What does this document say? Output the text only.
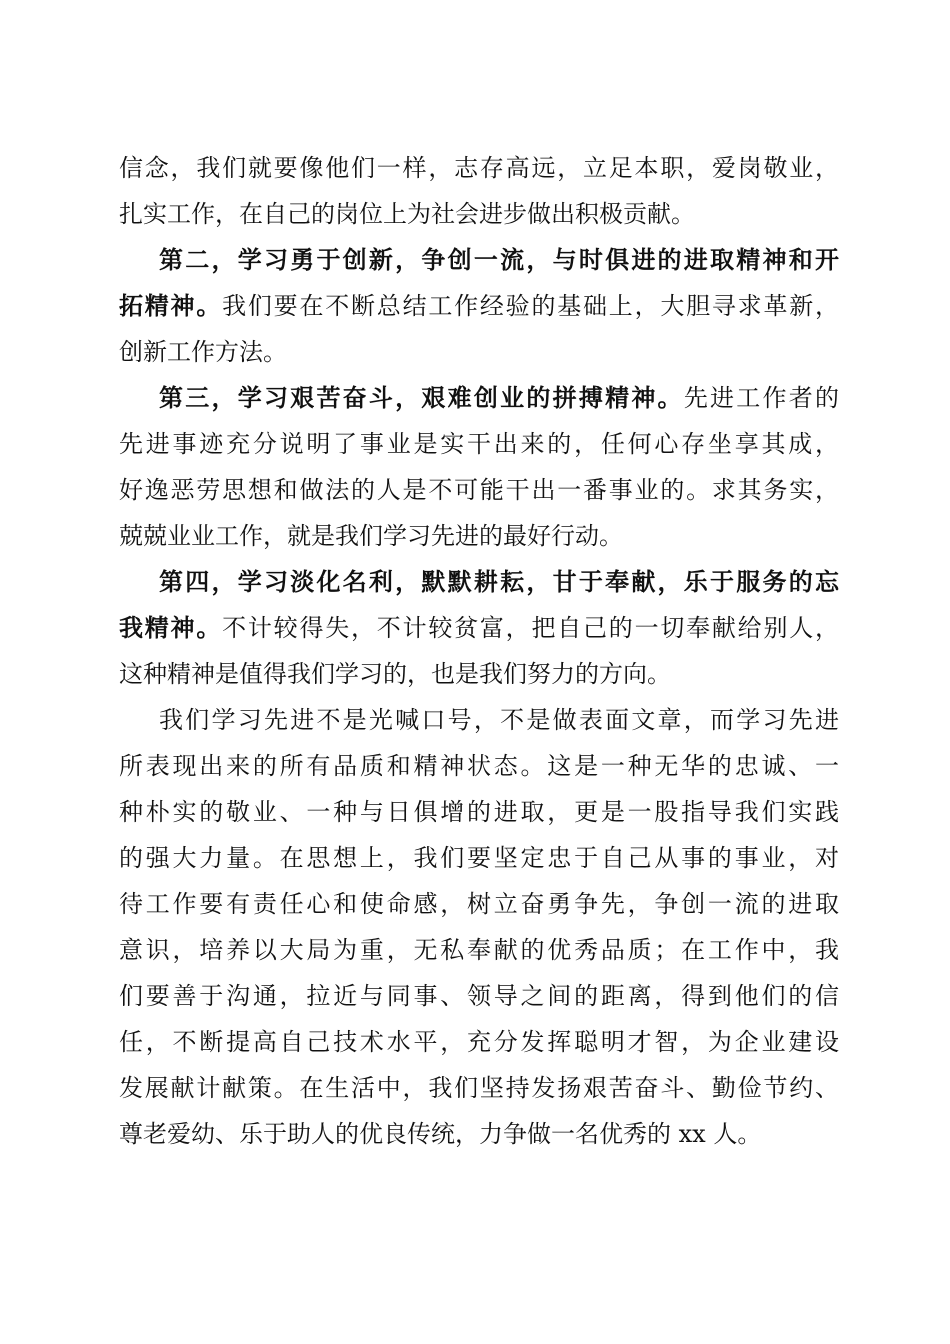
信念，我们就要像他们一样，志存高远，立足本职，爱岗敬业，
扎实工作，在自己的岗位上为社会进步做出积极贡献。
第二，学习勇于创新，争创一流，与时俱进的进取精神和开
拓精神。我们要在不断总结工作经验的基础上，大胆寻求革新，
创新工作方法。
第三，学习艰苦奋斗，艰难创业的拼搏精神。先进工作者的
先进事迹充分说明了事业是实干出来的，任何心存坐享其成，
好逸恶劳思想和做法的人是不可能干出一番事业的。求其务实，
兢兢业业工作，就是我们学习先进的最好行动。
第四，学习淡化名利，默默耕耘，甘于奉献，乐于服务的忘
我精神。不计较得失，不计较贫富，把自己的一切奉献给别人，
这种精神是值得我们学习的，也是我们努力的方向。
我们学习先进不是光喊口号，不是做表面文章，而学习先进
所表现出来的所有品质和精神状态。这是一种无华的忠诚、一
种朴实的敬业、一种与日俱增的进取，更是一股指导我们实践
的强大力量。在思想上，我们要坚定忠于自己从事的事业，对
待工作要有责任心和使命感，树立奋勇争先，争创一流的进取
意识，培养以大局为重，无私奉献的优秀品质；在工作中，我
们要善于沟通，拉近与同事、领导之间的距离，得到他们的信
任，不断提高自己技术水平，充分发挥聪明才智，为企业建设
发展献计献策。在生活中，我们坚持发扬艰苦奋斗、勤俭节约、
尊老爱幼、乐于助人的优良传统，力争做一名优秀的 xx 人。
